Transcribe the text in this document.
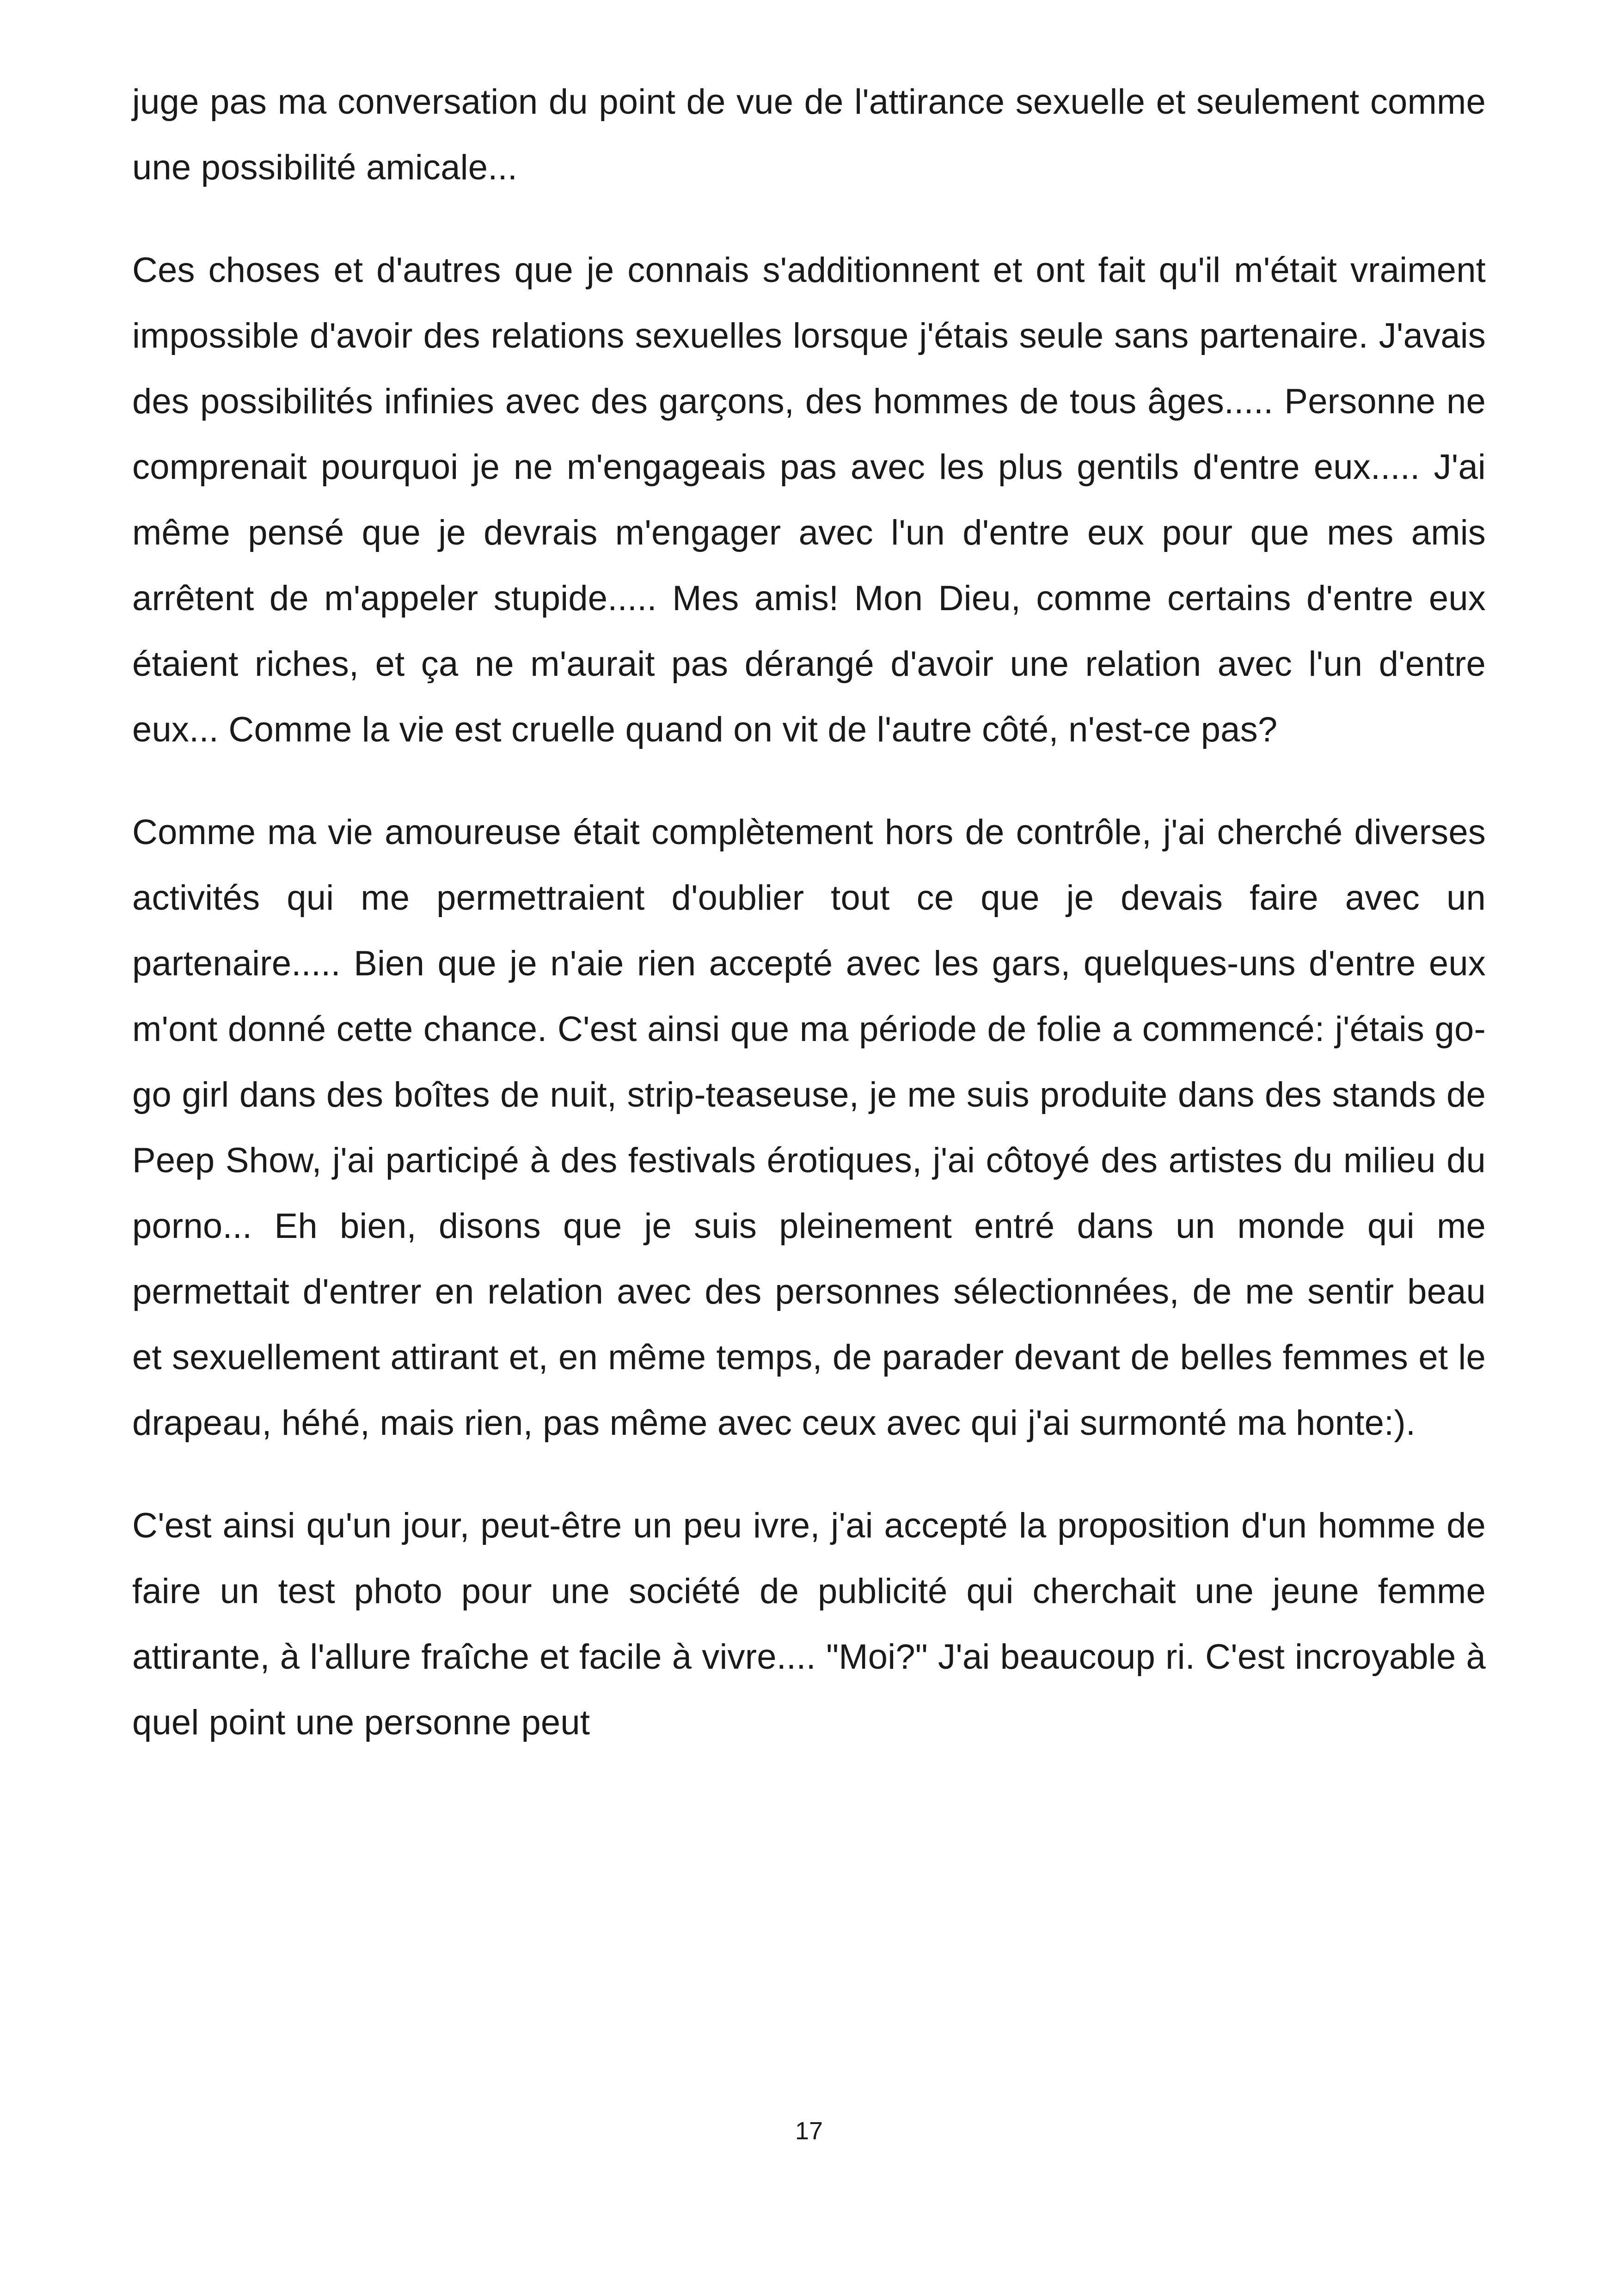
juge pas ma conversation du point de vue de l'attirance sexuelle et seulement comme une possibilité amicale...

Ces choses et d'autres que je connais s'additionnent et ont fait qu'il m'était vraiment impossible d'avoir des relations sexuelles lorsque j'étais seule sans partenaire. J'avais des possibilités infinies avec des garçons, des hommes de tous âges..... Personne ne comprenait pourquoi je ne m'engageais pas avec les plus gentils d'entre eux..... J'ai même pensé que je devrais m'engager avec l'un d'entre eux pour que mes amis arrêtent de m'appeler stupide..... Mes amis! Mon Dieu, comme certains d'entre eux étaient riches, et ça ne m'aurait pas dérangé d'avoir une relation avec l'un d'entre eux... Comme la vie est cruelle quand on vit de l'autre côté, n'est-ce pas?

Comme ma vie amoureuse était complètement hors de contrôle, j'ai cherché diverses activités qui me permettraient d'oublier tout ce que je devais faire avec un partenaire..... Bien que je n'aie rien accepté avec les gars, quelques-uns d'entre eux m'ont donné cette chance. C'est ainsi que ma période de folie a commencé: j'étais go-go girl dans des boîtes de nuit, strip-teaseuse, je me suis produite dans des stands de Peep Show, j'ai participé à des festivals érotiques, j'ai côtoyé des artistes du milieu du porno... Eh bien, disons que je suis pleinement entré dans un monde qui me permettait d'entrer en relation avec des personnes sélectionnées, de me sentir beau et sexuellement attirant et, en même temps, de parader devant de belles femmes et le drapeau, héhé, mais rien, pas même avec ceux avec qui j'ai surmonté ma honte:).

C'est ainsi qu'un jour, peut-être un peu ivre, j'ai accepté la proposition d'un homme de faire un test photo pour une société de publicité qui cherchait une jeune femme attirante, à l'allure fraîche et facile à vivre.... "Moi?" J'ai beaucoup ri. C'est incroyable à quel point une personne peut

17
